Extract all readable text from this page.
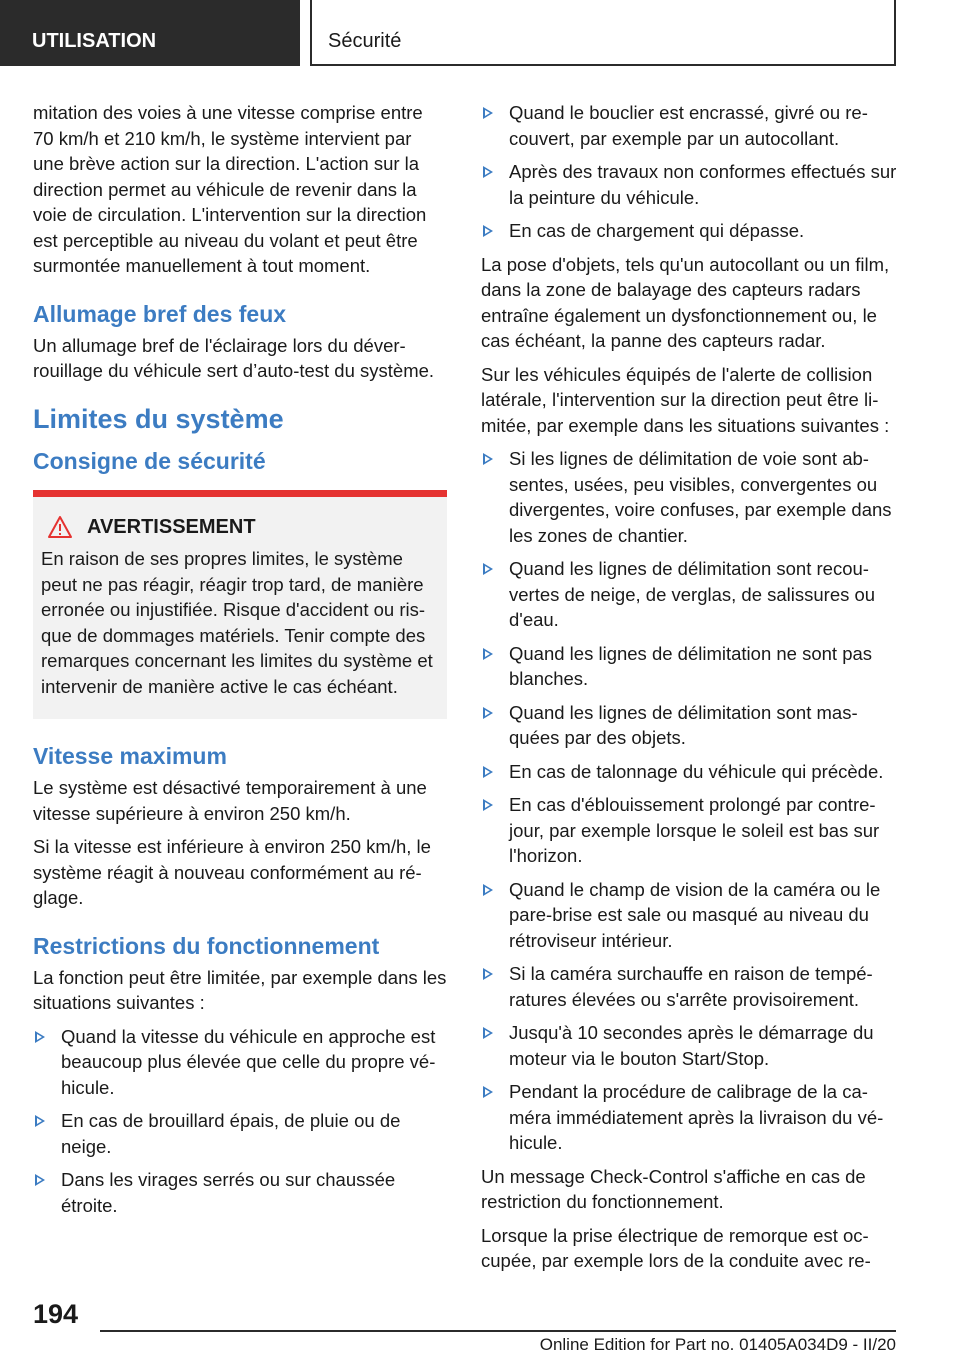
UTILISATION	Sécurité

mitation des voies à une vitesse comprise entre 70 km/h et 210 km/h, le système intervient par une brève action sur la direction. L'action sur la direction permet au véhicule de revenir dans la voie de circulation. L'intervention sur la direction est perceptible au niveau du volant et peut être surmontée manuellement à tout moment.

Allumage bref des feux

Un allumage bref de l'éclairage lors du déverrouillage du véhicule sert d’auto-test du système.

Limites du système
Consigne de sécurité
AVERTISSEMENT

En raison de ses propres limites, le système peut ne pas réagir, réagir trop tard, de manière erronée ou injustifiée. Risque d'accident ou risque de dommages matériels. Tenir compte des remarques concernant les limites du système et intervenir de manière active le cas échéant.

Vitesse maximum

Le système est désactivé temporairement à une vitesse supérieure à environ 250 km/h.

Si la vitesse est inférieure à environ 250 km/h, le système réagit à nouveau conformément au réglage.

Restrictions du fonctionnement

La fonction peut être limitée, par exemple dans les situations suivantes :

Quand la vitesse du véhicule en approche est beaucoup plus élevée que celle du propre véhicule.
En cas de brouillard épais, de pluie ou de neige.
Dans les virages serrés ou sur chaussée étroite.
Quand le bouclier est encrassé, givré ou recouvert, par exemple par un autocollant.
Après des travaux non conformes effectués sur la peinture du véhicule.
En cas de chargement qui dépasse.

La pose d'objets, tels qu'un autocollant ou un film, dans la zone de balayage des capteurs radars entraîne également un dysfonctionnement ou, le cas échéant, la panne des capteurs radar.

Sur les véhicules équipés de l'alerte de collision latérale, l'intervention sur la direction peut être limitée, par exemple dans les situations suivantes :

Si les lignes de délimitation de voie sont absentes, usées, peu visibles, convergentes ou divergentes, voire confuses, par exemple dans les zones de chantier.
Quand les lignes de délimitation sont recouvertes de neige, de verglas, de salissures ou d'eau.
Quand les lignes de délimitation ne sont pas blanches.
Quand les lignes de délimitation sont masquées par des objets.
En cas de talonnage du véhicule qui précède.
En cas d'éblouissement prolongé par contre-jour, par exemple lorsque le soleil est bas sur l'horizon.
Quand le champ de vision de la caméra ou le pare-brise est sale ou masqué au niveau du rétroviseur intérieur.
Si la caméra surchauffe en raison de températures élevées ou s'arrête provisoirement.
Jusqu'à 10 secondes après le démarrage du moteur via le bouton Start/Stop.
Pendant la procédure de calibrage de la caméra immédiatement après la livraison du véhicule.

Un message Check-Control s'affiche en cas de restriction du fonctionnement.

Lorsque la prise électrique de remorque est occupée, par exemple lors de la conduite avec re-

194
Online Edition for Part no. 01405A034D9 - II/20
